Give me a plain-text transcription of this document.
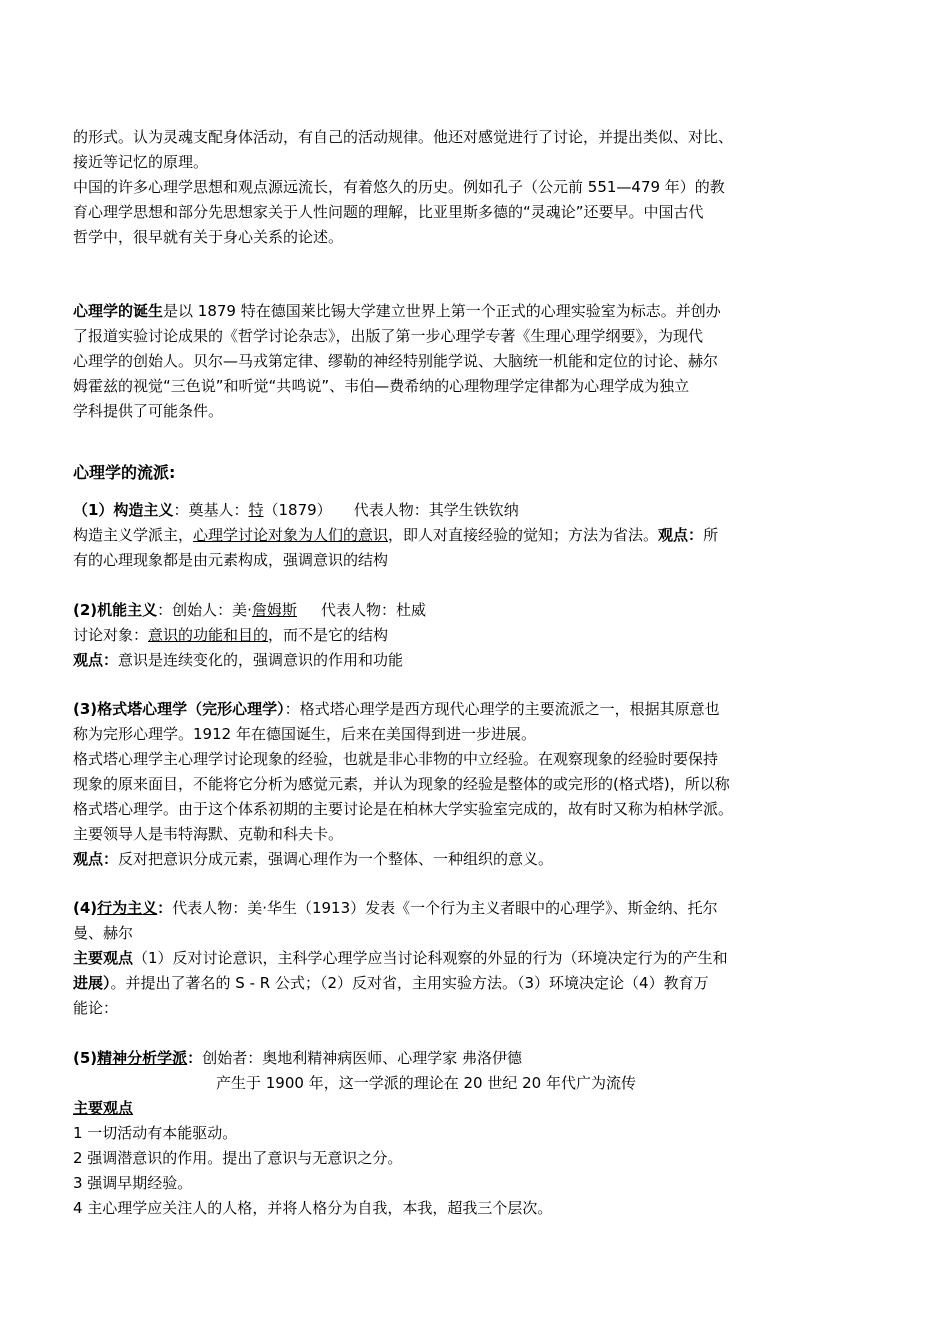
的形式。认为灵魂支配身体活动，有自己的活动规律。他还对感觉进行了讨论，并提出类似、对比、
接近等记忆的原理。
中国的许多心理学思想和观点源远流长，有着悠久的历史。例如孔子（公元前 551—479 年）的教
育心理学思想和部分先思想家关于人性问题的理解，比亚里斯多德的“灵魂论”还要早。中国古代
哲学中，很早就有关于身心关系的论述。
心理学的诞生是以 1879 特在德国莱比锡大学建立世界上第一个正式的心理实验室为标志。并创办
了报道实验讨论成果的《哲学讨论杂志》，出版了第一步心理学专著《生理心理学纲要》，为现代
心理学的创始人。贝尔—马戎第定律、缪勒的神经特别能学说、大脑统一机能和定位的讨论、赫尔
姆霍兹的视觉“三色说”和听觉“共鸣说”、韦伯—费希纳的心理物理学定律都为心理学成为独立
学科提供了可能条件。
心理学的流派:
（1）构造主义：奠基人：特（1879） 代表人物：其学生铁钦纳
构造主义学派主，心理学讨论对象为人们的意识，即人对直接经验的觉知；方法为省法。观点：所
有的心理现象都是由元素构成，强调意识的结构
(2)机能主义：创始人：美·詹姆斯 代表人物：杜威
讨论对象：意识的功能和目的，而不是它的结构
观点：意识是连续变化的，强调意识的作用和功能
(3)格式塔心理学（完形心理学）：格式塔心理学是西方现代心理学的主要流派之一，根据其原意也
称为完形心理学。1912 年在德国诞生，后来在美国得到进一步进展。
格式塔心理学主心理学讨论现象的经验，也就是非心非物的中立经验。在观察现象的经验时要保持
现象的原来面目，不能将它分析为感觉元素，并认为现象的经验是整体的或完形的(格式塔)，所以称
格式塔心理学。由于这个体系初期的主要讨论是在柏林大学实验室完成的，故有时又称为柏林学派。
主要领导人是韦特海默、克勒和科夫卡。
观点：反对把意识分成元素，强调心理作为一个整体、一种组织的意义。
(4)行为主义：代表人物：美·华生（1913）发表《一个行为主义者眼中的心理学》、斯金纳、托尔
曼、赫尔
主要观点（1）反对讨论意识，主科学心理学应当讨论科观察的外显的行为（环境决定行为的产生和
进展）。并提出了著名的 S - R 公式；（2）反对省，主用实验方法。（3）环境决定论（4）教育万
能论：
(5)精神分析学派：创始者：奥地利精神病医师、心理学家 弗洛伊德
产生于 1900 年，这一学派的理论在 20 世纪 20 年代广为流传
主要观点
1 一切活动有本能驱动。
2 强调潜意识的作用。提出了意识与无意识之分。
3 强调早期经验。
4 主心理学应关注人的人格，并将人格分为自我，本我，超我三个层次。
